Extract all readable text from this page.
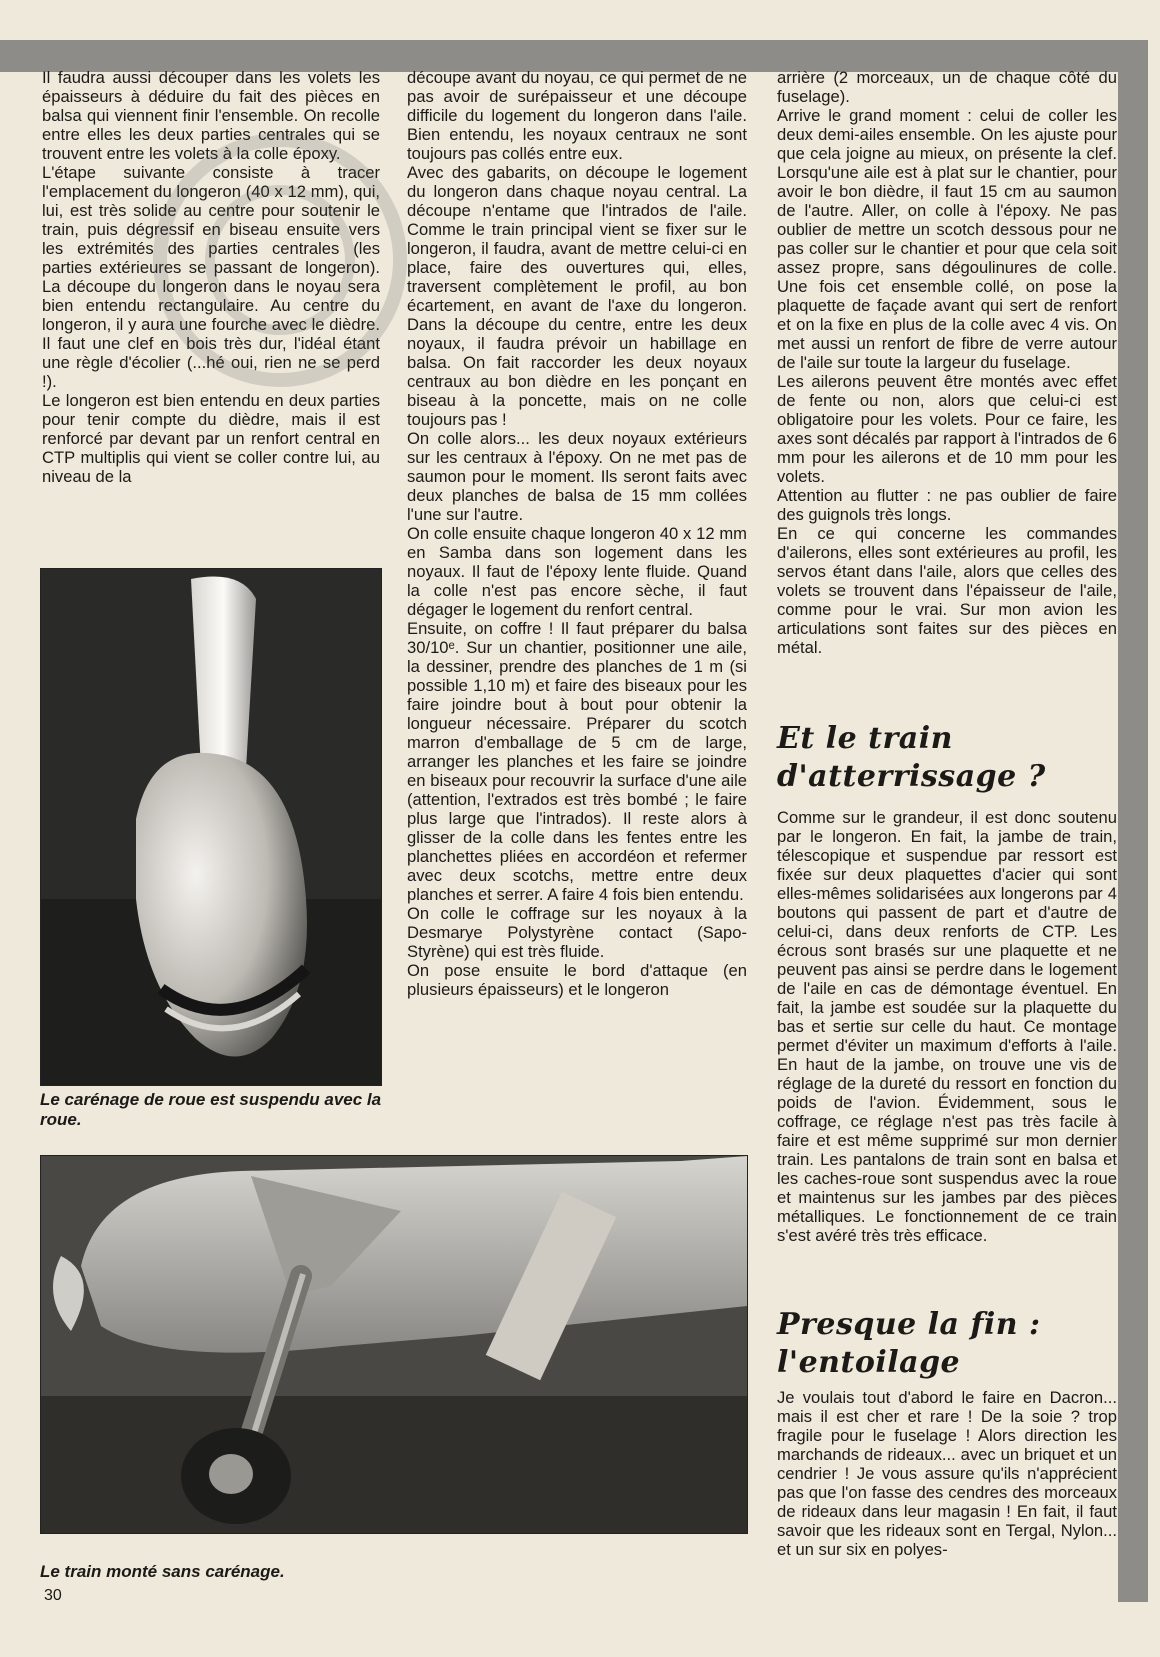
Il faudra aussi découper dans les volets les épaisseurs à déduire du fait des pièces en balsa qui viennent finir l'ensemble. On recolle entre elles les deux parties centrales qui se trouvent entre les volets à la colle époxy.

L'étape suivante consiste à tracer l'emplacement du longeron (40 x 12 mm), qui, lui, est très solide au centre pour soutenir le train, puis dégressif en biseau ensuite vers les extrémités des parties centrales (les parties extérieures se passant de longeron). La découpe du longeron dans le noyau sera bien entendu rectangulaire. Au centre du longeron, il y aura une fourche avec le dièdre. Il faut une clef en bois très dur, l'idéal étant une règle d'écolier (...hé oui, rien ne se perd !).

Le longeron est bien entendu en deux parties pour tenir compte du dièdre, mais il est renforcé par devant par un renfort central en CTP multiplis qui vient se coller contre lui, au niveau de la

Le carénage de roue est suspendu avec la roue.

découpe avant du noyau, ce qui permet de ne pas avoir de surépaisseur et une découpe difficile du logement du longeron dans l'aile. Bien entendu, les noyaux centraux ne sont toujours pas collés entre eux.

Avec des gabarits, on découpe le logement du longeron dans chaque noyau central. La découpe n'entame que l'intrados de l'aile. Comme le train principal vient se fixer sur le longeron, il faudra, avant de mettre celui-ci en place, faire des ouvertures qui, elles, traversent complètement le profil, au bon écartement, en avant de l'axe du longeron. Dans la découpe du centre, entre les deux noyaux, il faudra prévoir un habillage en balsa. On fait raccorder les deux noyaux centraux au bon dièdre en les ponçant en biseau à la poncette, mais on ne colle toujours pas !

On colle alors... les deux noyaux extérieurs sur les centraux à l'époxy. On ne met pas de saumon pour le moment. Ils seront faits avec deux planches de balsa de 15 mm collées l'une sur l'autre.

On colle ensuite chaque longeron 40 x 12 mm en Samba dans son logement dans les noyaux. Il faut de l'époxy lente fluide. Quand la colle n'est pas encore sèche, il faut dégager le logement du renfort central.

Ensuite, on coffre ! Il faut préparer du balsa 30/10ᵉ. Sur un chantier, positionner une aile, la dessiner, prendre des planches de 1 m (si possible 1,10 m) et faire des biseaux pour les faire joindre bout à bout pour obtenir la longueur nécessaire. Préparer du scotch marron d'emballage de 5 cm de large, arranger les planches et les faire se joindre en biseaux pour recouvrir la surface d'une aile (attention, l'extrados est très bombé ; le faire plus large que l'intrados). Il reste alors à glisser de la colle dans les fentes entre les planchettes pliées en accordéon et refermer avec deux scotchs, mettre entre deux planches et serrer. A faire 4 fois bien entendu.

On colle le coffrage sur les noyaux à la Desmarye Polystyrène contact (Sapo-Styrène) qui est très fluide.

On pose ensuite le bord d'attaque (en plusieurs épaisseurs) et le longeron

arrière (2 morceaux, un de chaque côté du fuselage).

Arrive le grand moment : celui de coller les deux demi-ailes ensemble. On les ajuste pour que cela joigne au mieux, on présente la clef. Lorsqu'une aile est à plat sur le chantier, pour avoir le bon dièdre, il faut 15 cm au saumon de l'autre. Aller, on colle à l'époxy. Ne pas oublier de mettre un scotch dessous pour ne pas coller sur le chantier et pour que cela soit assez propre, sans dégoulinures de colle. Une fois cet ensemble collé, on pose la plaquette de façade avant qui sert de renfort et on la fixe en plus de la colle avec 4 vis. On met aussi un renfort de fibre de verre autour de l'aile sur toute la largeur du fuselage.

Les ailerons peuvent être montés avec effet de fente ou non, alors que celui-ci est obligatoire pour les volets. Pour ce faire, les axes sont décalés par rapport à l'intrados de 6 mm pour les ailerons et de 10 mm pour les volets.

Attention au flutter : ne pas oublier de faire des guignols très longs.

En ce qui concerne les commandes d'ailerons, elles sont extérieures au profil, les servos étant dans l'aile, alors que celles des volets se trouvent dans l'épaisseur de l'aile, comme pour le vrai. Sur mon avion les articulations sont faites sur des pièces en métal.

Et le train d'atterrissage ?

Comme sur le grandeur, il est donc soutenu par le longeron. En fait, la jambe de train, télescopique et suspendue par ressort est fixée sur deux plaquettes d'acier qui sont elles-mêmes solidarisées aux longerons par 4 boutons qui passent de part et d'autre de celui-ci, dans deux renforts de CTP. Les écrous sont brasés sur une plaquette et ne peuvent pas ainsi se perdre dans le logement de l'aile en cas de démontage éventuel. En fait, la jambe est soudée sur la plaquette du bas et sertie sur celle du haut. Ce montage permet d'éviter un maximum d'efforts à l'aile. En haut de la jambe, on trouve une vis de réglage de la dureté du ressort en fonction du poids de l'avion. Évidemment, sous le coffrage, ce réglage n'est pas très facile à faire et est même supprimé sur mon dernier train. Les pantalons de train sont en balsa et les caches-roue sont suspendus avec la roue et maintenus sur les jambes par des pièces métalliques. Le fonctionnement de ce train s'est avéré très très efficace.

Presque la fin : l'entoilage

Je voulais tout d'abord le faire en Dacron... mais il est cher et rare ! De la soie ? trop fragile pour le fuselage ! Alors direction les marchands de rideaux... avec un briquet et un cendrier ! Je vous assure qu'ils n'apprécient pas que l'on fasse des cendres des morceaux de rideaux dans leur magasin ! En fait, il faut savoir que les rideaux sont en Tergal, Nylon... et un sur six en polyes-

Le train monté sans carénage.
30
